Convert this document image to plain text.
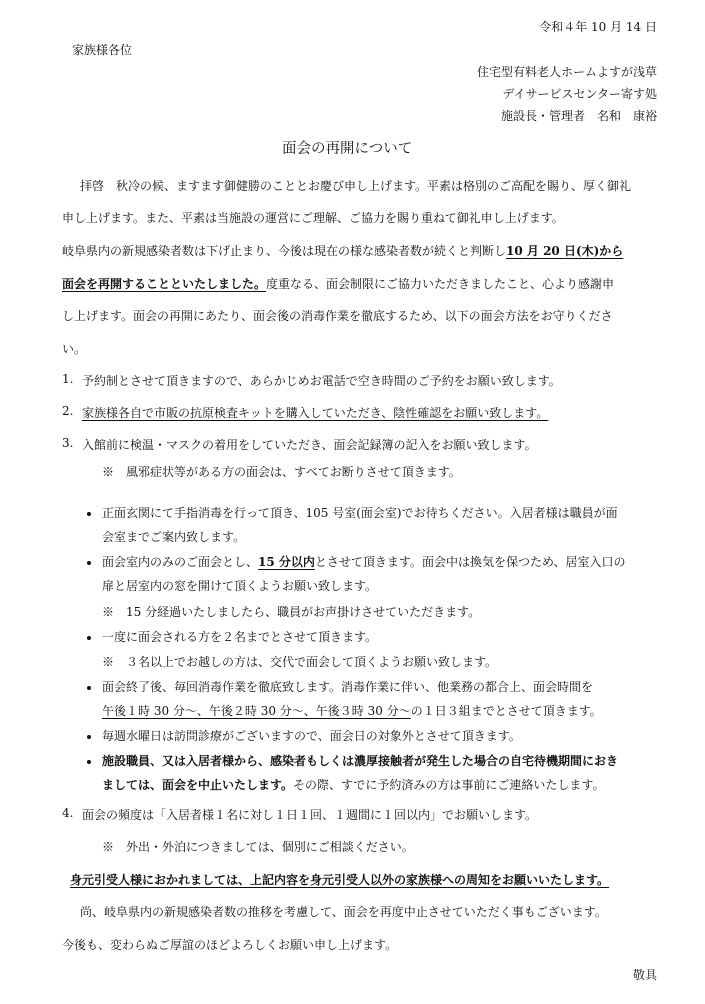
令和４年 10 月 14 日
家族様各位
住宅型有料老人ホームよすが浅草
デイサービスセンター寄す処
施設長・管理者　名和　康裕
面会の再開について
拝啓　秋冷の候、ますます御健勝のこととお慶び申し上げます。平素は格別のご高配を賜り、厚く御礼
申し上げます。また、平素は当施設の運営にご理解、ご協力を賜り重ねて御礼申し上げます。
岐阜県内の新規感染者数は下げ止まり、今後は現在の様な感染者数が続くと判断し10 月 20 日(木)から
面会を再開することといたしました。度重なる、面会制限にご協力いただきましたこと、心より感謝申
し上げます。面会の再開にあたり、面会後の消毒作業を徹底するため、以下の面会方法をお守りくださ
い。
1. 予約制とさせて頂きますので、あらかじめお電話で空き時間のご予約をお願い致します。
2. 家族様各自で市販の抗原検査キットを購入していただき、陰性確認をお願い致します。
3. 入館前に検温・マスクの着用をしていただき、面会記録簿の記入をお願い致します。
※　風邪症状等がある方の面会は、すべてお断りさせて頂きます。
正面玄関にて手指消毒を行って頂き、105 号室(面会室)でお待ちください。入居者様は職員が面
会室までご案内致します。
面会室内のみのご面会とし、15 分以内とさせて頂きます。面会中は換気を保つため、居室入口の
扉と居室内の窓を開けて頂くようお願い致します。
※　15 分経過いたしましたら、職員がお声掛けさせていただきます。
一度に面会される方を２名までとさせて頂きます。
※　３名以上でお越しの方は、交代で面会して頂くようお願い致します。
面会終了後、毎回消毒作業を徹底致します。消毒作業に伴い、他業務の都合上、面会時間を
午後１時 30 分～、午後２時 30 分～、午後３時 30 分～の１日３組までとさせて頂きます。
毎週水曜日は訪問診療がございますので、面会日の対象外とさせて頂きます。
施設職員、又は入居者様から、感染者もしくは濃厚接触者が発生した場合の自宅待機期間におき
ましては、面会を中止いたします。その際、すでに予約済みの方は事前にご連絡いたします。
4. 面会の頻度は「入居者様１名に対し１日１回、１週間に１回以内」でお願いします。
※　外出・外泊につきましては、個別にご相談ください。
身元引受人様におかれましては、上記内容を身元引受人以外の家族様への周知をお願いいたします。
尚、岐阜県内の新規感染者数の推移を考慮して、面会を再度中止させていただく事もございます。
今後も、変わらぬご厚誼のほどよろしくお願い申し上げます。
敬具
